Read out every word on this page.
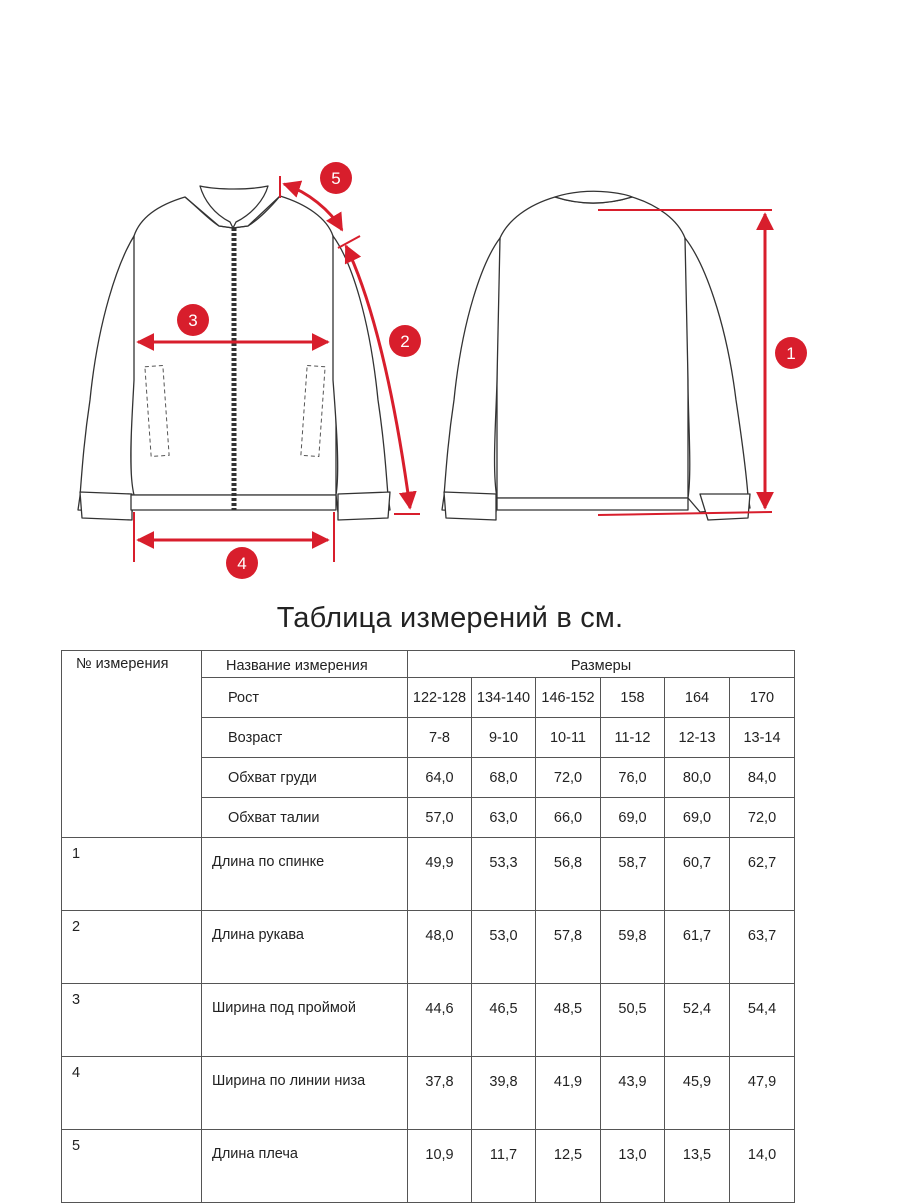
1
2
3
4
5
Таблица измерений в см.
№ измерения	Название измерения	Размеры					
	Рост	122-128	134-140	146-152	158	164	170
	Возраст	7-8	9-10	10-11	11-12	12-13	13-14
	Обхват груди	64,0	68,0	72,0	76,0	80,0	84,0
	Обхват талии	57,0	63,0	66,0	69,0	69,0	72,0
1	Длина по спинке	49,9	53,3	56,8	58,7	60,7	62,7
2	Длина рукава	48,0	53,0	57,8	59,8	61,7	63,7
3	Ширина под проймой	44,6	46,5	48,5	50,5	52,4	54,4
4	Ширина по линии низа	37,8	39,8	41,9	43,9	45,9	47,9
5	Длина плеча	10,9	11,7	12,5	13,0	13,5	14,0
